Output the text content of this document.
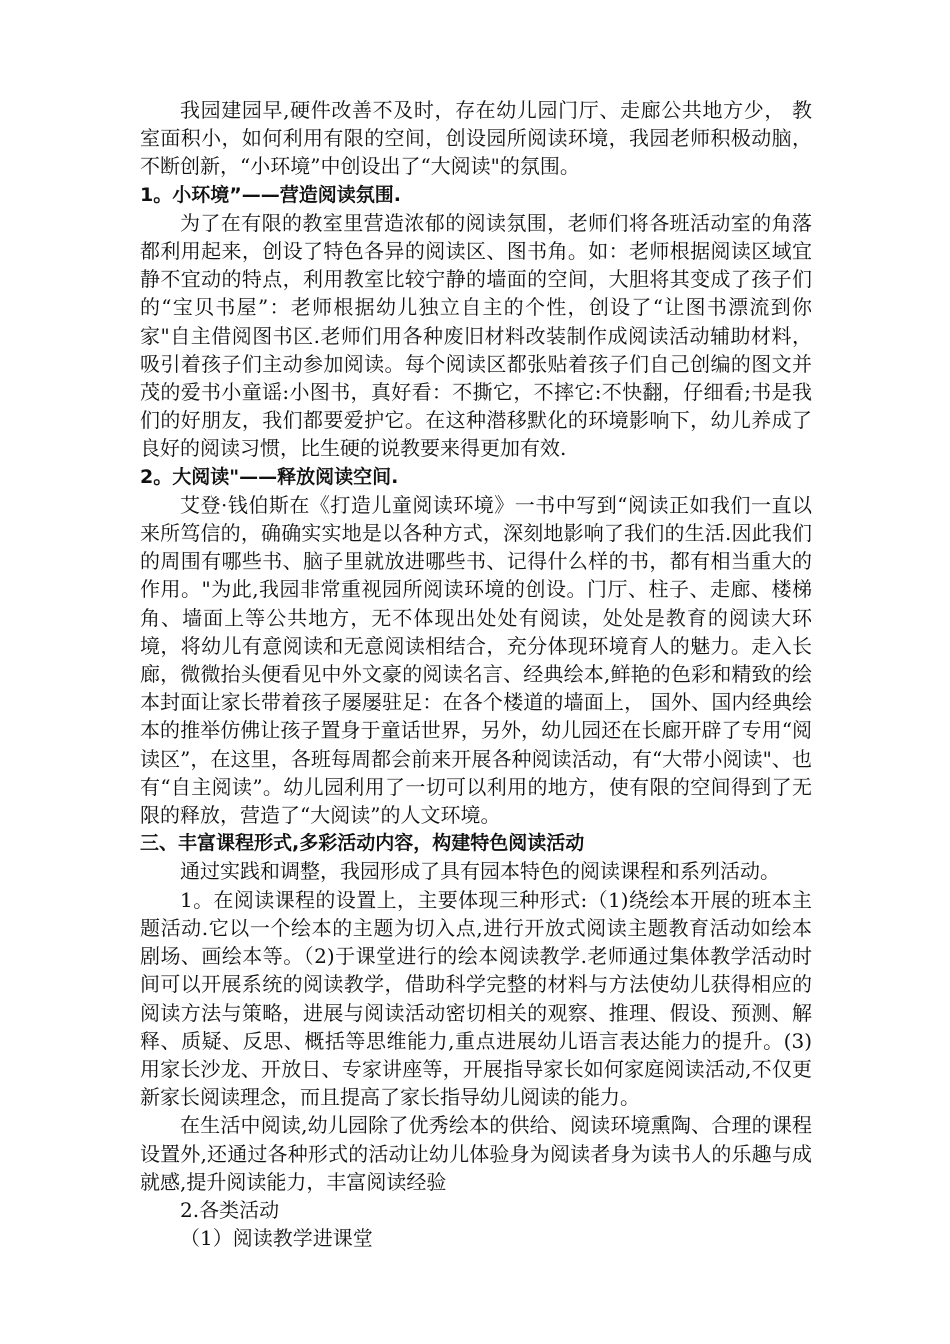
我园建园早,硬件改善不及时，存在幼儿园门厅、走廊公共地方少， 教室面积小，如何利用有限的空间，创设园所阅读环境，我园老师积极动脑，不断创新，“小环境”中创设出了“大阅读"的氛围。

1。小环境”——营造阅读氛围.

为了在有限的教室里营造浓郁的阅读氛围，老师们将各班活动室的角落都利用起来，创设了特色各异的阅读区、图书角。如：老师根据阅读区域宜静不宜动的特点，利用教室比较宁静的墙面的空间，大胆将其变成了孩子们的“宝贝书屋”：老师根据幼儿独立自主的个性，创设了“让图书漂流到你家"自主借阅图书区.老师们用各种废旧材料改装制作成阅读活动辅助材料，吸引着孩子们主动参加阅读。每个阅读区都张贴着孩子们自己创编的图文并茂的爱书小童谣:小图书，真好看：不撕它，不摔它:不快翻，仔细看;书是我们的好朋友，我们都要爱护它。在这种潜移默化的环境影响下，幼儿养成了良好的阅读习惯，比生硬的说教要来得更加有效.

2。大阅读"——释放阅读空间.

艾登·钱伯斯在《打造儿童阅读环境》一书中写到“阅读正如我们一直以来所笃信的，确确实实地是以各种方式，深刻地影响了我们的生活.因此我们的周围有哪些书、脑子里就放进哪些书、记得什么样的书，都有相当重大的作用。"为此,我园非常重视园所阅读环境的创设。门厅、柱子、走廊、楼梯角、墙面上等公共地方，无不体现出处处有阅读，处处是教育的阅读大环境，将幼儿有意阅读和无意阅读相结合，充分体现环境育人的魅力。走入长廊，微微抬头便看见中外文豪的阅读名言、经典绘本,鲜艳的色彩和精致的绘本封面让家长带着孩子屡屡驻足：在各个楼道的墙面上， 国外、国内经典绘本的推举仿佛让孩子置身于童话世界，另外，幼儿园还在长廊开辟了专用“阅读区”，在这里，各班每周都会前来开展各种阅读活动，有“大带小阅读"、也有“自主阅读”。幼儿园利用了一切可以利用的地方，使有限的空间得到了无限的释放，营造了“大阅读”的人文环境。

三、丰富课程形式,多彩活动内容，构建特色阅读活动

通过实践和调整，我园形成了具有园本特色的阅读课程和系列活动。

1。在阅读课程的设置上，主要体现三种形式:（1)绕绘本开展的班本主题活动.它以一个绘本的主题为切入点,进行开放式阅读主题教育活动如绘本剧场、画绘本等。（2)于课堂进行的绘本阅读教学.老师通过集体教学活动时间可以开展系统的阅读教学，借助科学完整的材料与方法使幼儿获得相应的阅读方法与策略，进展与阅读活动密切相关的观察、推理、假设、预测、解释、质疑、反思、概括等思维能力,重点进展幼儿语言表达能力的提升。(3)用家长沙龙、开放日、专家讲座等，开展指导家长如何家庭阅读活动,不仅更新家长阅读理念，而且提高了家长指导幼儿阅读的能力。

在生活中阅读,幼儿园除了优秀绘本的供给、阅读环境熏陶、合理的课程设置外,还通过各种形式的活动让幼儿体验身为阅读者身为读书人的乐趣与成就感,提升阅读能力，丰富阅读经验

2.各类活动

（1）阅读教学进课堂
